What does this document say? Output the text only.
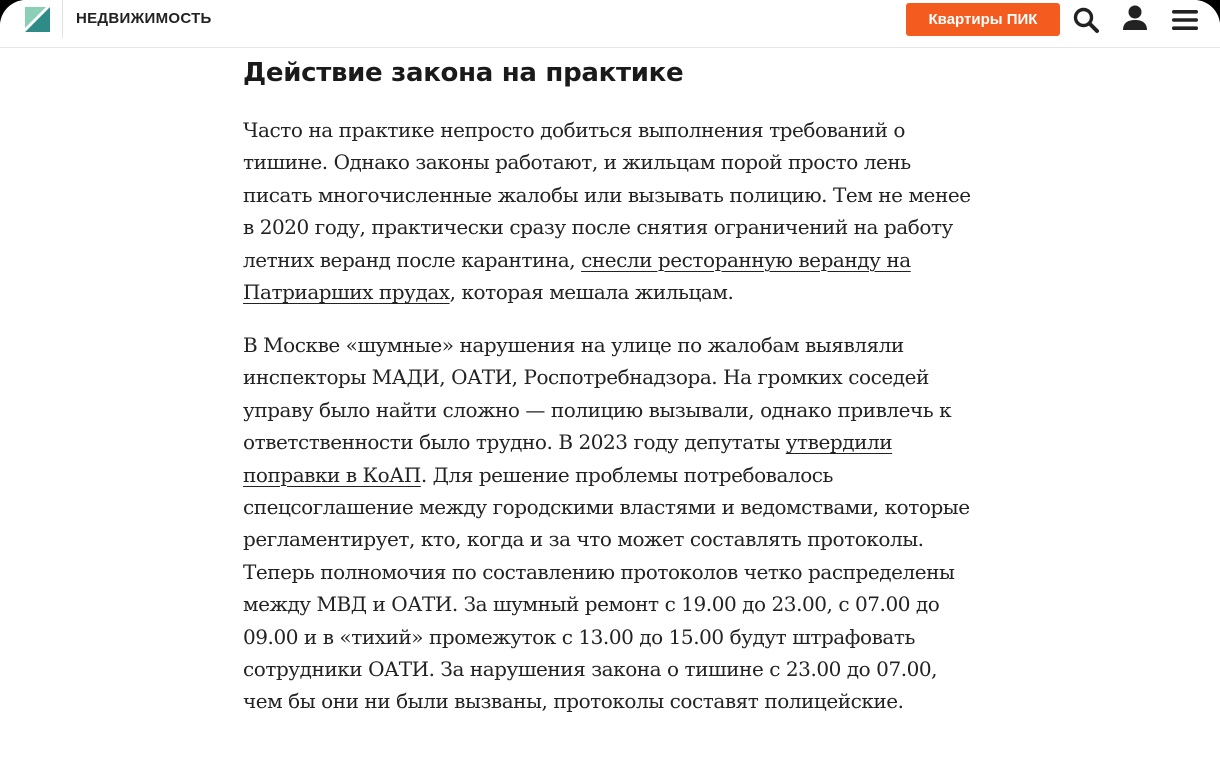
НЕДВИЖИМОСТЬ	Квартиры ПИК
Действие закона на практике

Часто на практике непросто добиться выполнения требований о тишине. Однако законы работают, и жильцам порой просто лень писать многочисленные жалобы или вызывать полицию. Тем не менее в 2020 году, практически сразу после снятия ограничений на работу летних веранд после карантина, снесли ресторанную веранду на Патриарших прудах, которая мешала жильцам.

В Москве «шумные» нарушения на улице по жалобам выявляли инспекторы МАДИ, ОАТИ, Роспотребнадзора. На громких соседей управу было найти сложно — полицию вызывали, однако привлечь к ответственности было трудно. В 2023 году депутаты утвердили поправки в КоАП. Для решение проблемы потребовалось спецсоглашение между городскими властями и ведомствами, которые регламентирует, кто, когда и за что может составлять протоколы. Теперь полномочия по составлению протоколов четко распределены между МВД и ОАТИ. За шумный ремонт с 19.00 до 23.00, с 07.00 до 09.00 и в «тихий» промежуток с 13.00 до 15.00 будут штрафовать сотрудники ОАТИ. За нарушения закона о тишине с 23.00 до 07.00, чем бы они ни были вызваны, протоколы составят полицейские.
